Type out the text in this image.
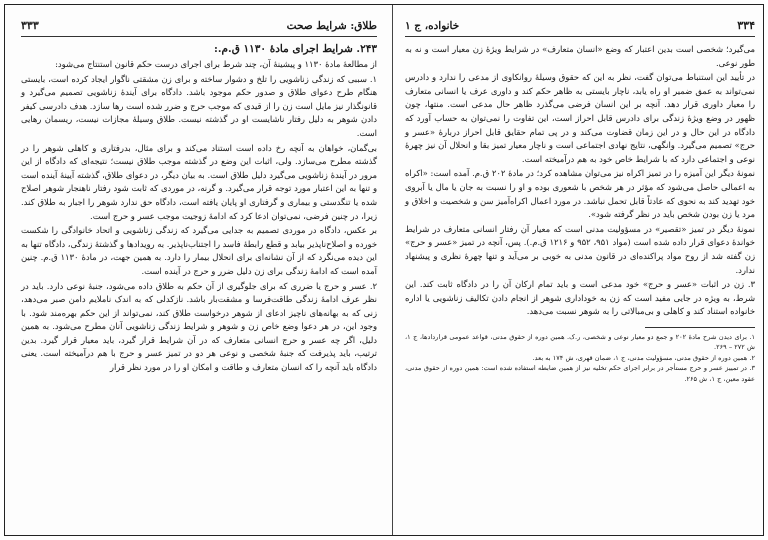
طلاق: شرایط صحت
۳۳۳
۲۴۳. شرایط اجرای مادهٔ ۱۱۳۰ ق.م.:

از مطالعهٔ مادهٔ ۱۱۳۰ و پیشینهٔ آن، چند شرط برای اجرای درست حکم قانون استنتاج می‌شود:

۱. سببی که زندگی زناشویی را تلخ و دشوار ساخته و برای زن مشقتی ناگوار ایجاد کرده است، بایستی هنگام طرح دعوای طلاق و صدور حکم موجود باشد. دادگاه برای آیندهٔ زناشویی تصمیم می‌گیرد و قانونگذار نیز مایل است زن را از قیدی که موجب حرج و ضرر شده است رها سازد. هدف دادرسی کیفر دادن شوهر به دلیل رفتار ناشایست او در گذشته نیست. طلاق وسیلهٔ مجازات نیست، ریسمان رهایی است.

بی‌گمان، خواهان به آنچه رخ داده است استناد می‌کند و برای مثال، بدرفتاری و کاهلی شوهر را در گذشته مطرح می‌سازد. ولی، اثبات این وضع در گذشته موجب طلاق نیست؛ نتیجه‌ای که دادگاه از این مرور در آیندهٔ زناشویی می‌گیرد دلیل طلاق است. به بیان دیگر، در دعوای طلاق، گذشته آیینهٔ آینده است و تنها به این اعتبار مورد توجه قرار می‌گیرد. و گرنه، در موردی که ثابت شود رفتار ناهنجار شوهر اصلاح شده یا تنگدستی و بیماری و گرفتاری او پایان یافته است، دادگاه حق ندارد شوهر را اجبار به طلاق کند. زیرا، در چنین فرضی، نمی‌توان ادعا کرد که ادامهٔ زوجیت موجب عسر و حرج است.

بر عکس، دادگاه در موردی تصمیم به جدایی می‌گیرد که زندگی زناشویی و اتحاد خانوادگی را شکست خورده و اصلاح‌ناپذیر بیابد و قطع رابطهٔ فاسد را اجتناب‌ناپذیر. به رویدادها و گذشتهٔ زندگی، دادگاه تنها به این دیده می‌نگرد که از آن نشانه‌ای برای انحلال بیمار را دارد. به همین جهت، در مادهٔ ۱۱۳۰ ق.م. چنین آمده است که ادامهٔ زندگی برای زن دلیل ضرر و حرج در آینده است.

۲. عسر و حرج یا ضرری که برای جلوگیری از آن حکم به طلاق داده می‌شود، جنبهٔ نوعی دارد. باید در نظر عرف ادامهٔ زندگی طاقت‌فرسا و مشقت‌بار باشد. نازکدلی که به اندک ناملایم دامن صبر می‌دهد، زنی که به بهانه‌های ناچیز ادعای از شوهر درخواست طلاق کند، نمی‌تواند از این حکم بهره‌مند شود. با وجود این، در هر دعوا وضع خاص زن و شوهر و شرایط زندگی زناشویی آنان مطرح می‌شود. به همین دلیل، اگر چه عسر و حرج انسانی متعارف که در آن شرایط قرار گیرد، باید معیار قرار گیرد. بدین ترتیب، باید پذیرفت که جنبهٔ شخصی و نوعی هر دو در تمیز عسر و حرج با هم درآمیخته است. یعنی دادگاه باید آنچه را که انسان متعارف و طاقت و امکان او را در مورد نظر قرار

۳۳۴
خانواده، ج ۱

می‌گیرد؛ شخصی است بدین اعتبار که وضع «انسان متعارف» در شرایط ویژهٔ زن معیار است و نه به طور نوعی.

در تأیید این استنباط می‌توان گفت، نظر به این که حقوق وسیلهٔ روانکاوی از مدعی را ندارد و دادرس نمی‌تواند به عمق ضمیر او راه یابد، ناچار بایستی به ظاهر حکم کند و داوری عرف یا انسانی متعارف را معیار داوری قرار دهد. آنچه بر این انسان فرضی می‌گذرد ظاهر حال مدعی است. منتها، چون ظهور در وضع ویژهٔ زندگی برای دادرس قابل احراز است، این تفاوت را نمی‌توان به حساب آورد که دادگاه در این حال و در این زمان قضاوت می‌کند و در پی تمام حقایق قابل احراز دربارهٔ «عسر و حرج» تصمیم می‌گیرد. وانگهی، نتایج نهادی اجتماعی است و ناچار معیار تمیز بقا و انحلال آن نیز چهرهٔ نوعی و اجتماعی دارد که با شرایط خاص خود به هم درآمیخته است.

نمونهٔ دیگر این آمیزه را در تمیز اکراه نیز می‌توان مشاهده کرد؛ در مادهٔ ۲۰۲ ق.م. آمده است: «اکراه به اعمالی حاصل می‌شود که مؤثر در هر شخص با شعوری بوده و او را نسبت به جان یا مال یا آبروی خود تهدید کند به نحوی که عادتاً قابل تحمل نباشد. در مورد اعمال اکراه‌آمیز سن و شخصیت و اخلاق و مرد یا زن بودن شخص باید در نظر گرفته شود».

نمونهٔ دیگر در تمیز «تقصیر» در مسؤولیت مدنی است که معیار آن رفتار انسانی متعارف در شرایط خواندهٔ دعوای قرار داده شده است (مواد ۹۵۱، ۹۵۲ و ۱۲۱۶ ق.م.). پس، آنچه در تمیز «عسر و حرج» زن گفته شد از روح مواد پراکنده‌ای در قانون مدنی به خوبی بر می‌آید و تنها چهرهٔ نظری و پیشنهاد ندارد.

۳. زن در اثبات «عسر و حرج» خود مدعی است و باید تمام ارکان آن را در دادگاه ثابت کند. این شرط، به ویژه در جایی مفید است که زن به خوداداری شوهر از انجام دادن تکالیف زناشویی یا اداره خانواده استناد کند و کاهلی و بی‌مبالاتی را به شوهر نسبت می‌دهد.

۱. برای دیدن شرح مادهٔ ۲۰۲ و جمع دو معیار نوعی و شخصی، ر.ک. همین دوره از حقوق مدنی، قواعد عمومی قراردادها، ج ۱، ش ۲۷۲ – ۲۶۹.

۲. همین دوره از حقوق مدنی، مسؤولیت مدنی، ج ۱، ضمان قهری، ش ۱۷۴ به بعد.

۳. در تمییز عسر و حرج مستأجر در برابر اجرای حکم تخلیه نیز از همین ضابطه استفاده شده است: همین دوره از حقوق مدنی، عقود معین، ج ۱، ش ۲۶۵.
